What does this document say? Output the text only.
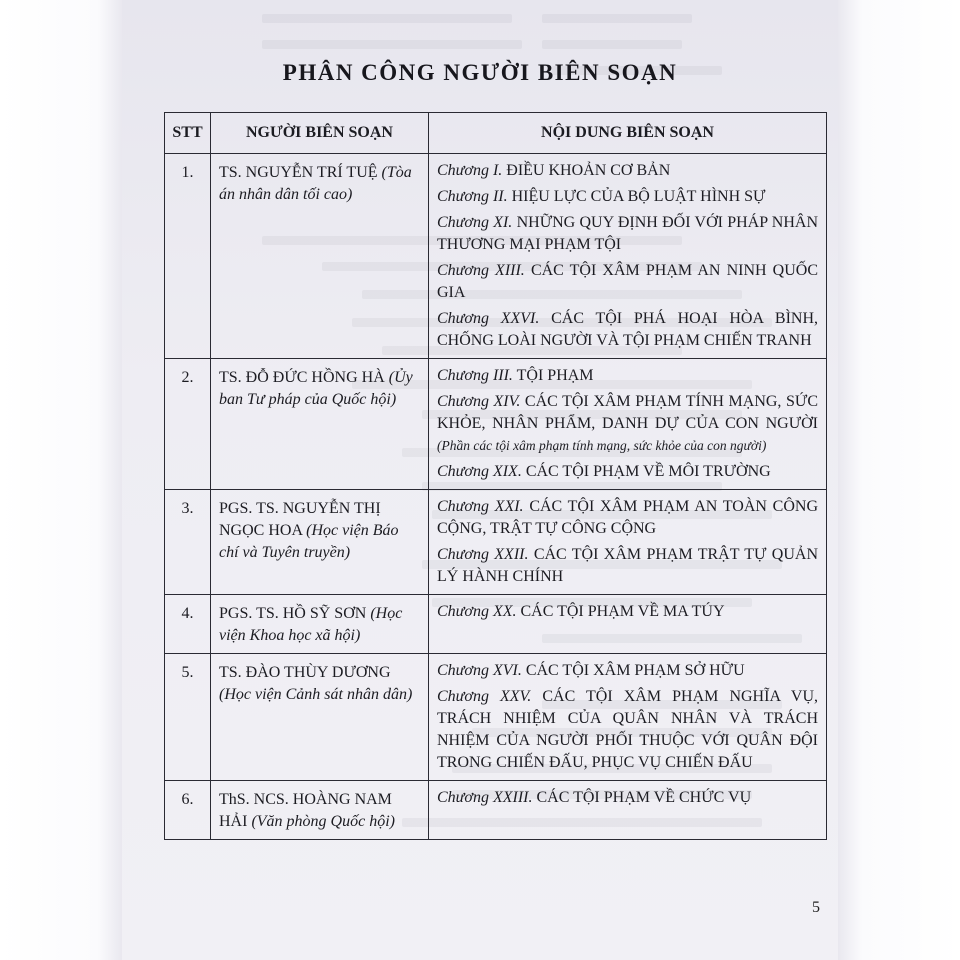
PHÂN CÔNG NGƯỜI BIÊN SOẠN
STT	NGƯỜI BIÊN SOẠN	NỘI DUNG BIÊN SOẠN
1.	TS. NGUYỄN TRÍ TUỆ (Tòa án nhân dân tối cao)	Chương I. ĐIỀU KHOẢN CƠ BẢN
Chương II. HIỆU LỰC CỦA BỘ LUẬT HÌNH SỰ
Chương XI. NHỮNG QUY ĐỊNH ĐỐI VỚI PHÁP NHÂN THƯƠNG MẠI PHẠM TỘI
Chương XIII. CÁC TỘI XÂM PHẠM AN NINH QUỐC GIA
Chương XXVI. CÁC TỘI PHÁ HOẠI HÒA BÌNH, CHỐNG LOÀI NGƯỜI VÀ TỘI PHẠM CHIẾN TRANH

2.	TS. ĐỖ ĐỨC HỒNG HÀ (Ủy ban Tư pháp của Quốc hội)	Chương III. TỘI PHẠM
Chương XIV. CÁC TỘI XÂM PHẠM TÍNH MẠNG, SỨC KHỎE, NHÂN PHẨM, DANH DỰ CỦA CON NGƯỜI (Phần các tội xâm phạm tính mạng, sức khỏe của con người)
Chương XIX. CÁC TỘI PHẠM VỀ MÔI TRƯỜNG

3.	PGS. TS. NGUYỄN THỊ NGỌC HOA (Học viện Báo chí và Tuyên truyền)	Chương XXI. CÁC TỘI XÂM PHẠM AN TOÀN CÔNG CỘNG, TRẬT TỰ CÔNG CỘNG
Chương XXII. CÁC TỘI XÂM PHẠM TRẬT TỰ QUẢN LÝ HÀNH CHÍNH

4.	PGS. TS. HỒ SỸ SƠN (Học viện Khoa học xã hội)	Chương XX. CÁC TỘI PHẠM VỀ MA TÚY

5.	TS. ĐÀO THÙY DƯƠNG (Học viện Cảnh sát nhân dân)	Chương XVI. CÁC TỘI XÂM PHẠM SỞ HỮU
Chương XXV. CÁC TỘI XÂM PHẠM NGHĨA VỤ, TRÁCH NHIỆM CỦA QUÂN NHÂN VÀ TRÁCH NHIỆM CỦA NGƯỜI PHỐI THUỘC VỚI QUÂN ĐỘI TRONG CHIẾN ĐẤU, PHỤC VỤ CHIẾN ĐẤU

6.	ThS. NCS. HOÀNG NAM HẢI (Văn phòng Quốc hội)	Chương XXIII. CÁC TỘI PHẠM VỀ CHỨC VỤ
5
